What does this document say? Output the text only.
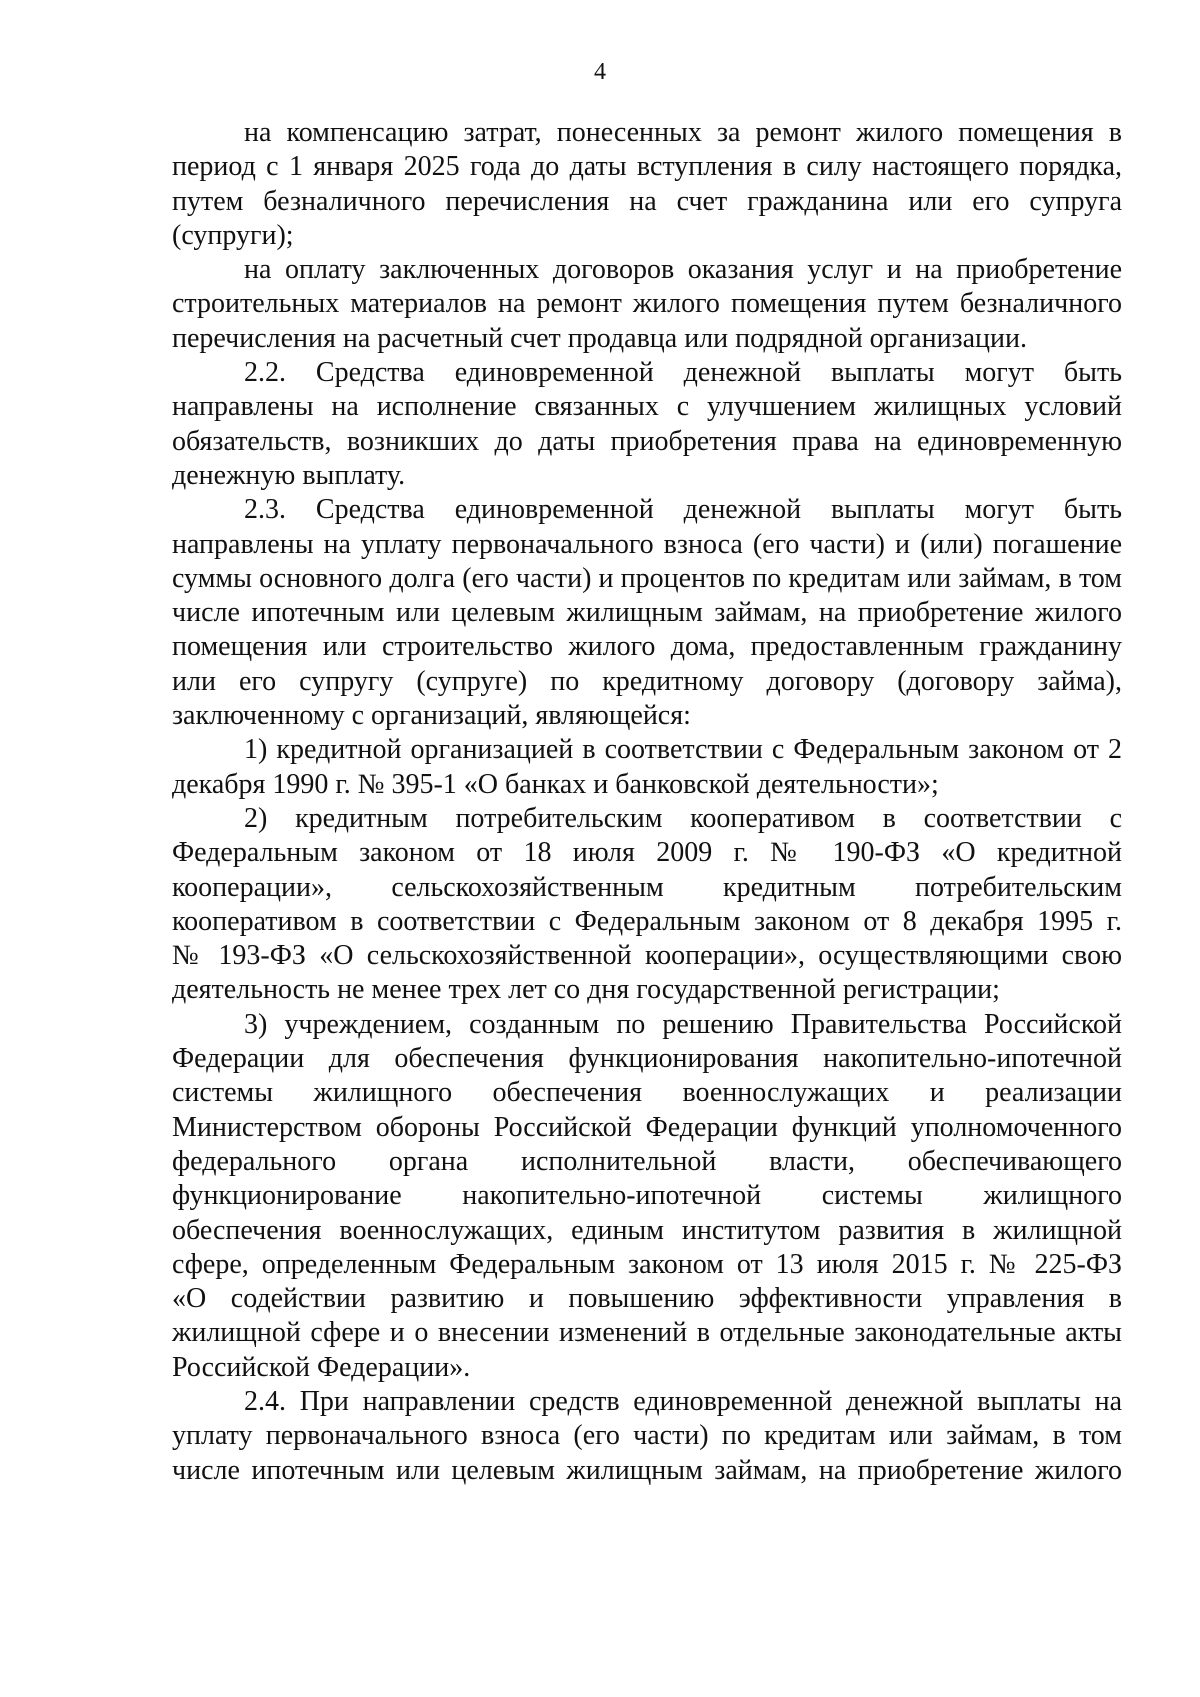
4
на компенсацию затрат, понесенных за ремонт жилого помещения в
период с 1 января 2025 года до даты вступления в силу настоящего порядка,
путем безналичного перечисления на счет гражданина или его супруга
(супруги);
на оплату заключенных договоров оказания услуг и на приобретение
строительных материалов на ремонт жилого помещения путем безналичного
перечисления на расчетный счет продавца или подрядной организации.
2.2. Средства единовременной денежной выплаты могут быть
направлены на исполнение связанных с улучшением жилищных условий
обязательств, возникших до даты приобретения права на единовременную
денежную выплату.
2.3. Средства единовременной денежной выплаты могут быть
направлены на уплату первоначального взноса (его части) и (или) погашение
суммы основного долга (его части) и процентов по кредитам или займам, в том
числе ипотечным или целевым жилищным займам, на приобретение жилого
помещения или строительство жилого дома, предоставленным гражданину
или его супругу (супруге) по кредитному договору (договору займа),
заключенному с организаций, являющейся:
1) кредитной организацией в соответствии с Федеральным законом от 2
декабря 1990 г. № 395-1 «О банках и банковской деятельности»;
2) кредитным потребительским кооперативом в соответствии с
Федеральным законом от 18 июля 2009 г. № 190-ФЗ «О кредитной
кооперации», сельскохозяйственным кредитным потребительским
кооперативом в соответствии с Федеральным законом от 8 декабря 1995 г.
№ 193-ФЗ «О сельскохозяйственной кооперации», осуществляющими свою
деятельность не менее трех лет со дня государственной регистрации;
3) учреждением, созданным по решению Правительства Российской
Федерации для обеспечения функционирования накопительно-ипотечной
системы жилищного обеспечения военнослужащих и реализации
Министерством обороны Российской Федерации функций уполномоченного
федерального органа исполнительной власти, обеспечивающего
функционирование накопительно-ипотечной системы жилищного
обеспечения военнослужащих, единым институтом развития в жилищной
сфере, определенным Федеральным законом от 13 июля 2015 г. № 225-ФЗ
«О содействии развитию и повышению эффективности управления в
жилищной сфере и о внесении изменений в отдельные законодательные акты
Российской Федерации».
2.4. При направлении средств единовременной денежной выплаты на
уплату первоначального взноса (его части) по кредитам или займам, в том
числе ипотечным или целевым жилищным займам, на приобретение жилого
